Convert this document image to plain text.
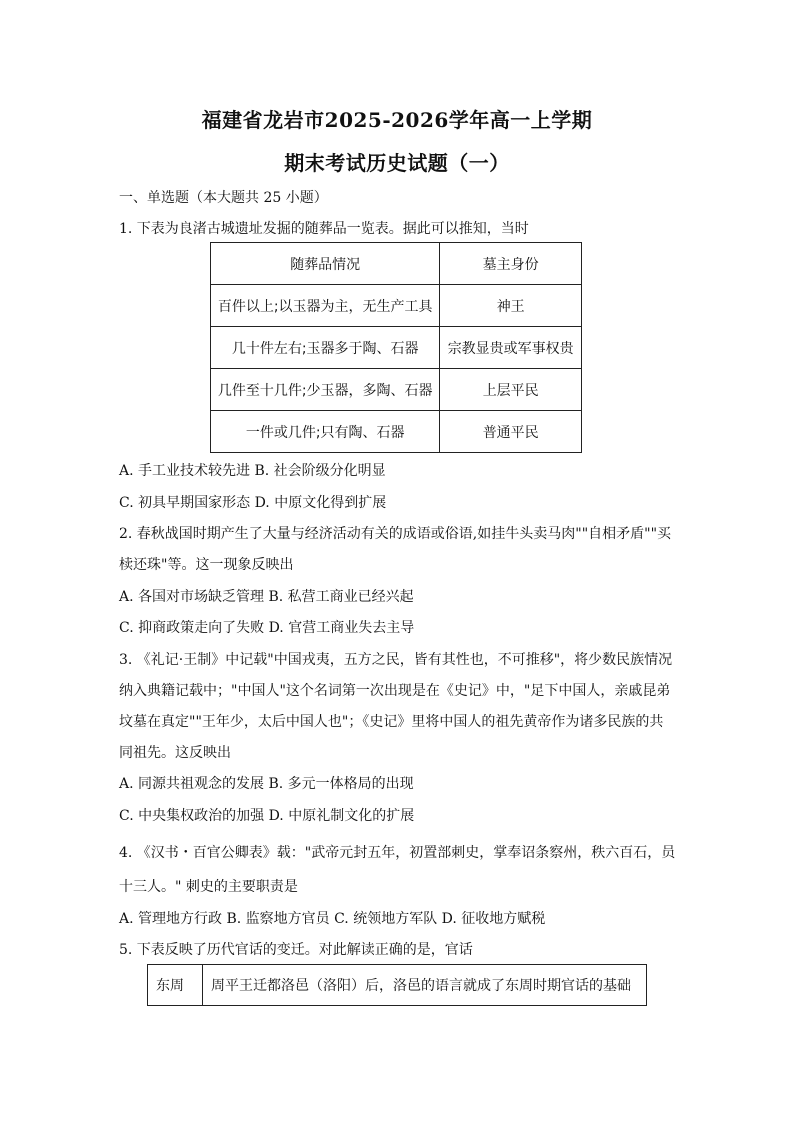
福建省龙岩市2025-2026学年高一上学期
期末考试历史试题（一）
一、单选题（本大题共 25 小题）
1. 下表为良渚古城遗址发掘的随葬品一览表。据此可以推知，当时
随葬品情况	墓主身份
百件以上;以玉器为主，无生产工具	神王
几十件左右;玉器多于陶、石器	宗教显贵或军事权贵
几件至十几件;少玉器，多陶、石器	上层平民
一件或几件;只有陶、石器	普通平民
A. 手工业技术较先进 B. 社会阶级分化明显
C. 初具早期国家形态 D. 中原文化得到扩展
2. 春秋战国时期产生了大量与经济活动有关的成语或俗语,如挂牛头卖马肉""自相矛盾""买
椟还珠"等。这一现象反映出
A. 各国对市场缺乏管理 B. 私营工商业已经兴起
C. 抑商政策走向了失败 D. 官营工商业失去主导
3. 《礼记·王制》中记载"中国戎夷，五方之民，皆有其性也，不可推移"，将少数民族情况
纳入典籍记载中；"中国人"这个名词第一次出现是在《史记》中，"足下中国人，亲戚昆弟
坟墓在真定""王年少，太后中国人也"；《史记》里将中国人的祖先黄帝作为诸多民族的共
同祖先。这反映出
A. 同源共祖观念的发展 B. 多元一体格局的出现
C. 中央集权政治的加强 D. 中原礼制文化的扩展
4. 《汉书・百官公卿表》载："武帝元封五年，初置部刺史，掌奉诏条察州，秩六百石，员
十三人。" 刺史的主要职责是
A. 管理地方行政 B. 监察地方官员 C. 统领地方军队 D. 征收地方赋税
5. 下表反映了历代官话的变迁。对此解读正确的是，官话
东周	周平王迁都洛邑（洛阳）后，洛邑的语言就成了东周时期官话的基础
